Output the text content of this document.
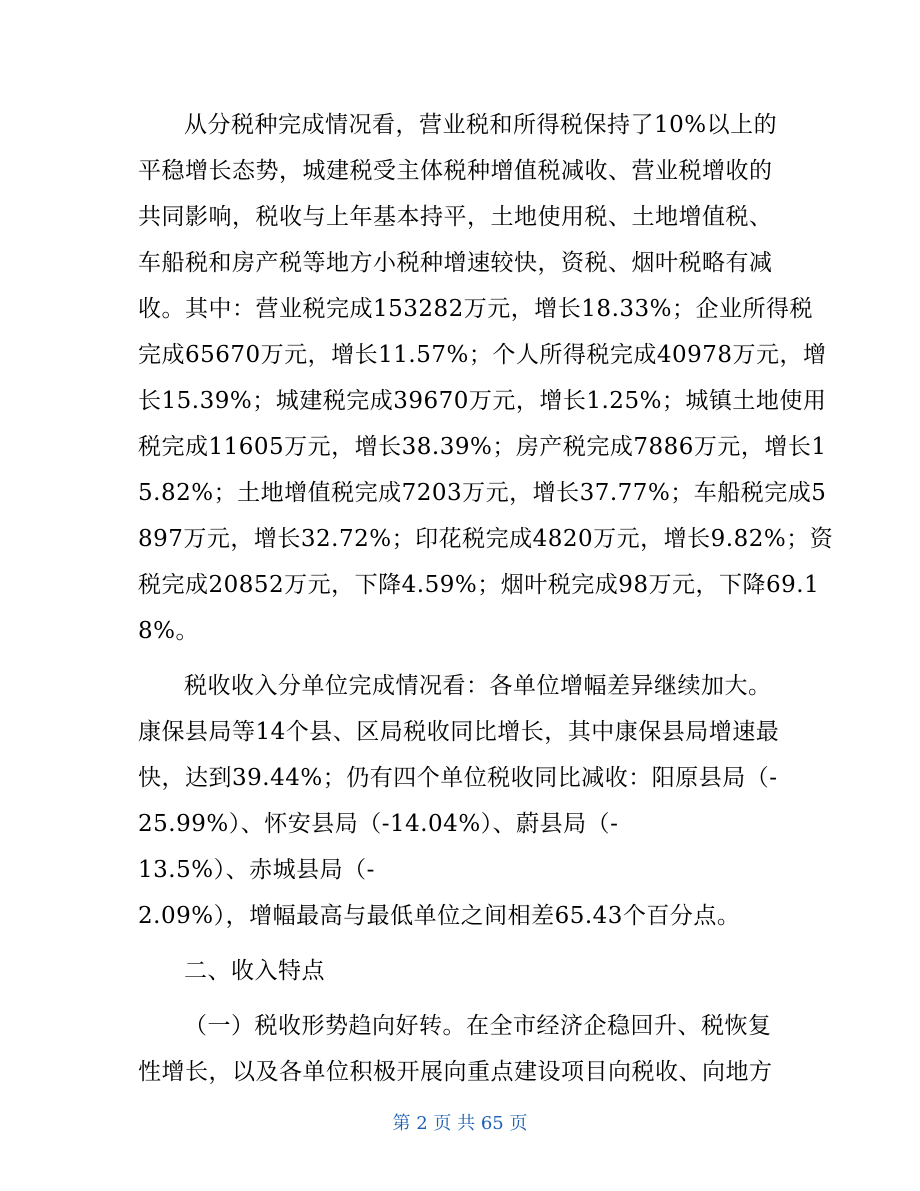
从分税种完成情况看，营业税和所得税保持了10%以上的
平稳增长态势，城建税受主体税种增值税减收、营业税增收的
共同影响，税收与上年基本持平，土地使用税、土地增值税、
车船税和房产税等地方小税种增速较快，资税、烟叶税略有减
收。其中：营业税完成153282万元，增长18.33%；企业所得税
完成65670万元，增长11.57%；个人所得税完成40978万元，增
长15.39%；城建税完成39670万元，增长1.25%；城镇土地使用
税完成11605万元，增长38.39%；房产税完成7886万元，增长1
5.82%；土地增值税完成7203万元，增长37.77%；车船税完成5
897万元，增长32.72%；印花税完成4820万元，增长9.82%；资
税完成20852万元，下降4.59%；烟叶税完成98万元，下降69.1
8%。
税收收入分单位完成情况看：各单位增幅差异继续加大。
康保县局等14个县、区局税收同比增长，其中康保县局增速最
快，达到39.44%；仍有四个单位税收同比减收：阳原县局（-
25.99%）、怀安县局（-14.04%）、蔚县局（-
13.5%）、赤城县局（-
2.09%），增幅最高与最低单位之间相差65.43个百分点。
二、收入特点
（一）税收形势趋向好转。在全市经济企稳回升、税恢复
性增长，以及各单位积极开展向重点建设项目向税收、向地方
第 2 页 共 65 页
